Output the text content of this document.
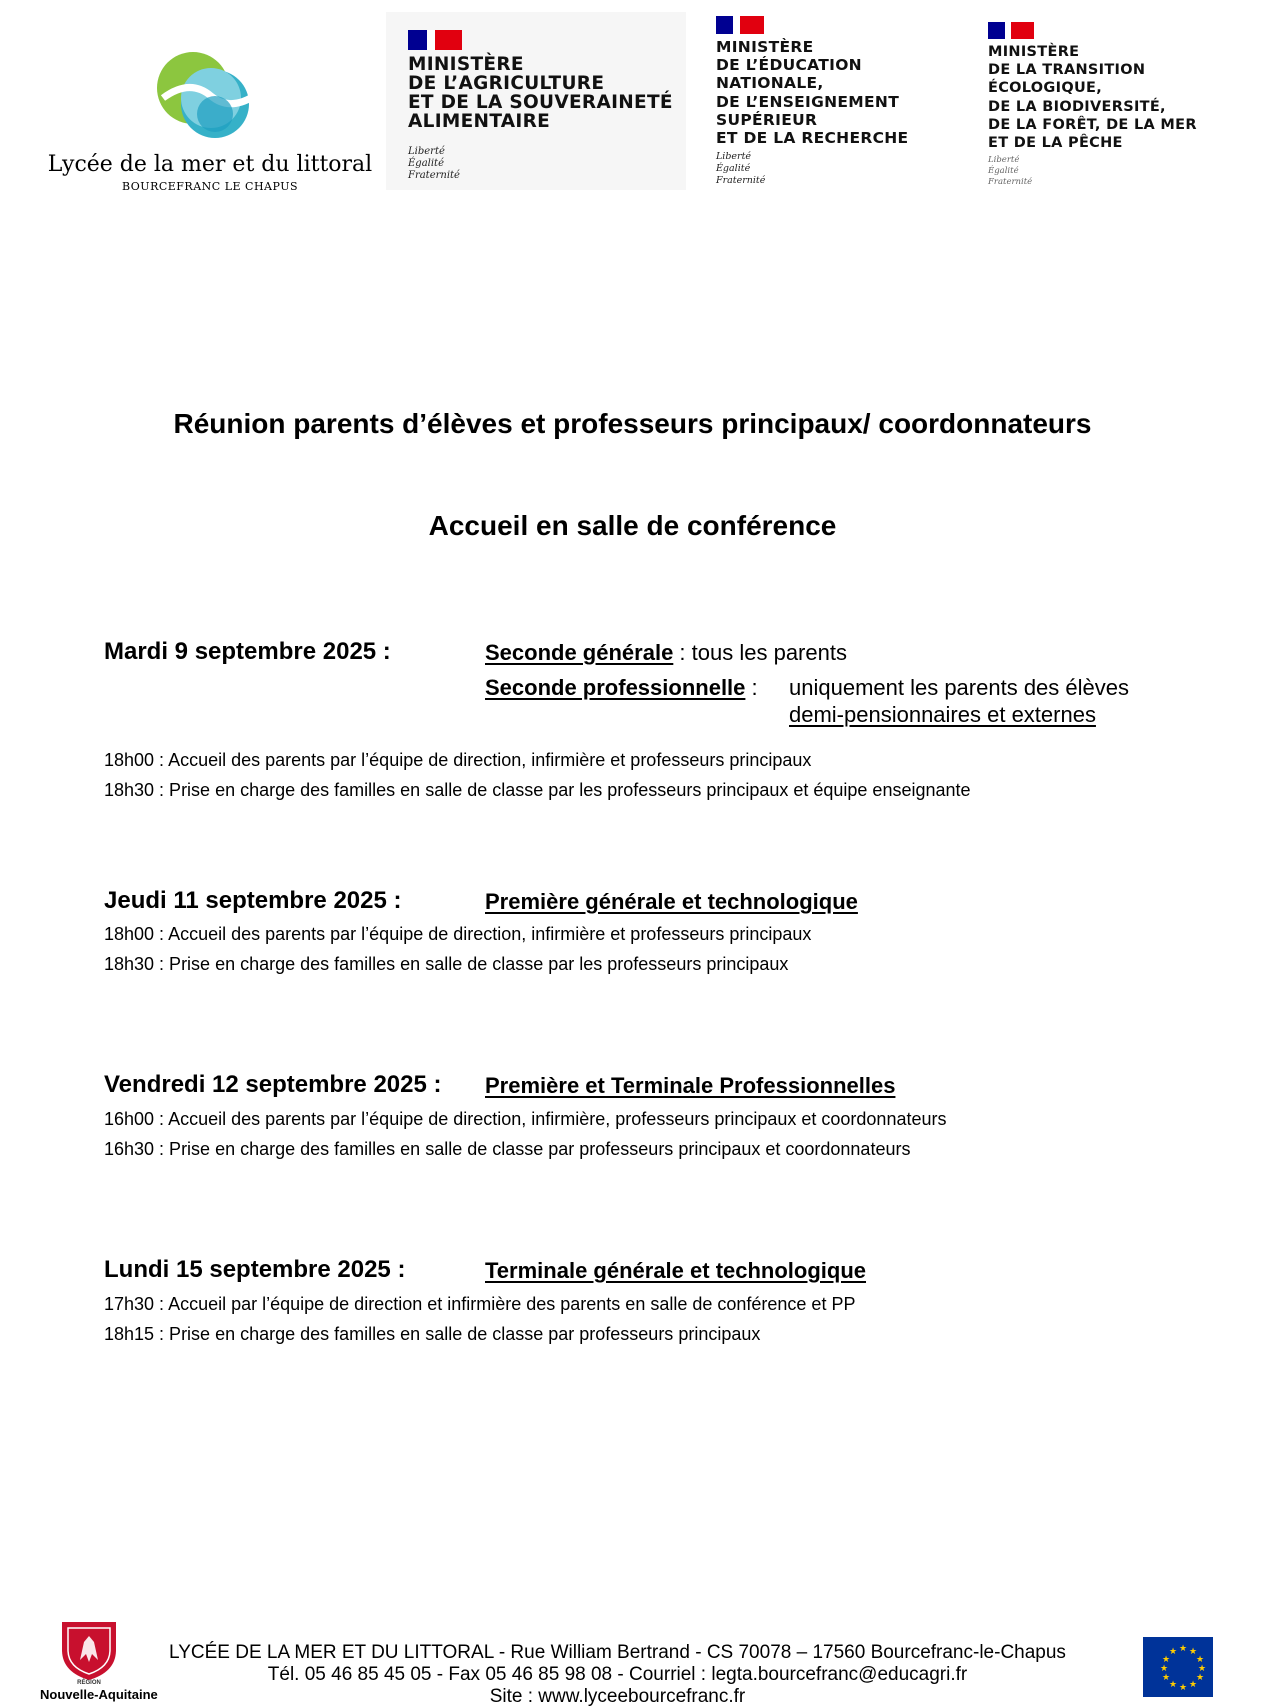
Lycée de la mer et du littoral
BOURCEFRANC LE CHAPUS
MINISTÈRE
DE L’AGRICULTURE
ET DE LA SOUVERAINETÉ
ALIMENTAIRE
Liberté
Égalité
Fraternité
MINISTÈRE
DE L’ÉDUCATION
NATIONALE,
DE L’ENSEIGNEMENT
SUPÉRIEUR
ET DE LA RECHERCHE
Liberté
Égalité
Fraternité
MINISTÈRE
DE LA TRANSITION
ÉCOLOGIQUE,
DE LA BIODIVERSITÉ,
DE LA FORÊT, DE LA MER
ET DE LA PÊCHE
Liberté
Égalité
Fraternité
Réunion parents d’élèves et professeurs principaux/ coordonnateurs
Accueil en salle de conférence
Mardi 9 septembre 2025 :	Seconde générale : tous les parents
Seconde professionnelle : uniquement les parents des élèves
demi-pensionnaires et externes
18h00 : Accueil des parents par l’équipe de direction, infirmière et professeurs principaux
18h30 : Prise en charge des familles en salle de classe par les professeurs principaux et équipe enseignante
Jeudi 11 septembre 2025 :	Première générale et technologique
18h00 : Accueil des parents par l’équipe de direction, infirmière et professeurs principaux
18h30 : Prise en charge des familles en salle de classe par les professeurs principaux
Vendredi 12 septembre 2025 : Première et Terminale Professionnelles
16h00 : Accueil des parents par l’équipe de direction, infirmière, professeurs principaux et coordonnateurs
16h30 : Prise en charge des familles en salle de classe par professeurs principaux et coordonnateurs
Lundi 15 septembre 2025 :	Terminale générale et technologique
17h30 : Accueil par l’équipe de direction et infirmière des parents en salle de conférence et PP
18h15 : Prise en charge des familles en salle de classe par professeurs principaux
RÉGION
Nouvelle-Aquitaine
LYCÉE DE LA MER ET DU LITTORAL - Rue William Bertrand - CS 70078 – 17560 Bourcefranc-le-Chapus
Tél. 05 46 85 45 05 - Fax 05 46 85 98 08 - Courriel : legta.bourcefranc@educagri.fr
Site : www.lyceebourcefranc.fr
★ ★
★
★
★
★
★
★
★
★
★
★
